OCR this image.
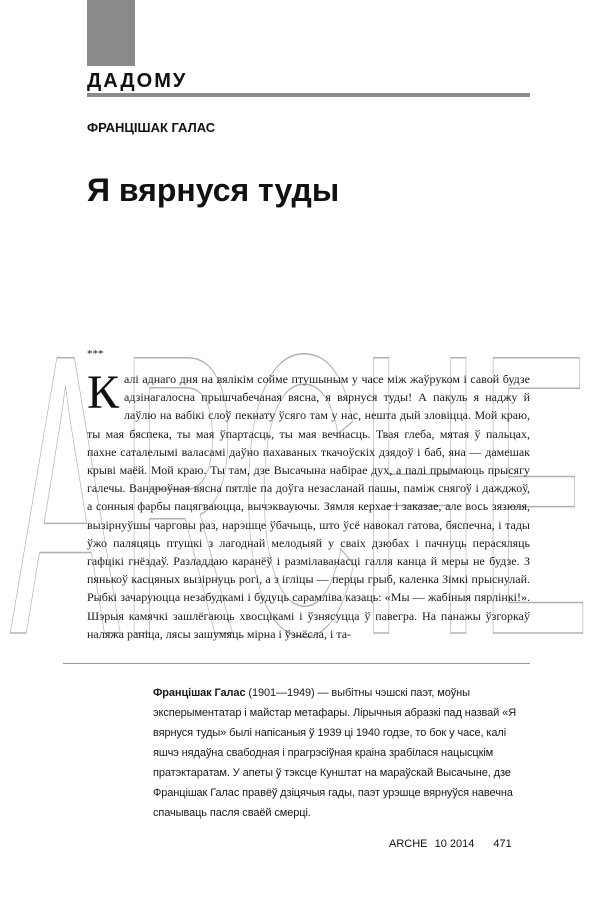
ДАДОМУ
ФРАНЦІШАК ГАЛАС
Я вярнуся туды
ARCHE
***

Калі аднаго дня на вялікім сойме птушыным у часе між жаўруком і савой будзе адзінагалосна прышчабечаная вясна, я вярнуся туды! А пакуль я наджу й лаўлю на вабікі слоў пекнату ўсяго там у нас, нешта дый зловіцца. Мой краю, ты мая бяспека, ты мая ўпартасць, ты мая вечнасць. Твая глеба, мятая ў пальцах, пахне саталелымі валасамі даўно пахаваных ткачоўскіх дзядоў і баб, яна — дамешак крыві маёй. Мой краю. Ты там, дзе Высачына набірае дух, а палі прымаюць прысягу галечы. Вандроўная вясна пятліе па доўга незасланай пашы, паміж снягоў і дажджоў, а сонныя фарбы пацягваюцца, вычэквауючы. Зямля керхае і заказае, але вось зязюля, вызірнуўшы чарговы раз, нарэшце ўбачыць, што ўсё навокал гатова, бяспечна, і тады ўжо паляцяць птушкі з лагоднай мелодыяй у сваіх дзюбах і пачнуць перасяляць гафцікі гнёздаў. Разладдаю каранёў і размілаванасці галля канца й меры не будзе. З пянькоў касцяных вызірнуць рогі, а з ігліцы — перцы грыб, каленка Зімкі прыснулай. Рыбкі зачаруюцца незабудкамі і будуць сарамліва казаць: «Мы — жабіныя пярлінкі!». Шэрыя камячкі зашлёгаюць хвосцікамі і ўзнясуцца ў павегра. На панажы ўзгоркаў наляжа раніца, лясы зашумяць мірна і ўзнёсла, і та-

Францішак Галас (1901—1949) — выбітны чэшскі паэт, моўны эксперыментатар і майстар метафары. Лірычныя абразкі пад назвай «Я вярнуся туды» былі напісаныя ў 1939 ці 1940 годзе, то бок у часе, калі яшчэ нядаўна свабодная і прагрэсіўная краіна зрабілася нацысцкім пратэктаратам. У апеты ў тэксце Кунштат на мараўскай Высачыне, дзе Францішак Галас правёў дзіцячыя гады, паэт урэшце вярнуўся навечна спачываць пасля сваёй смерці.

ARCHE 10 2014 471
